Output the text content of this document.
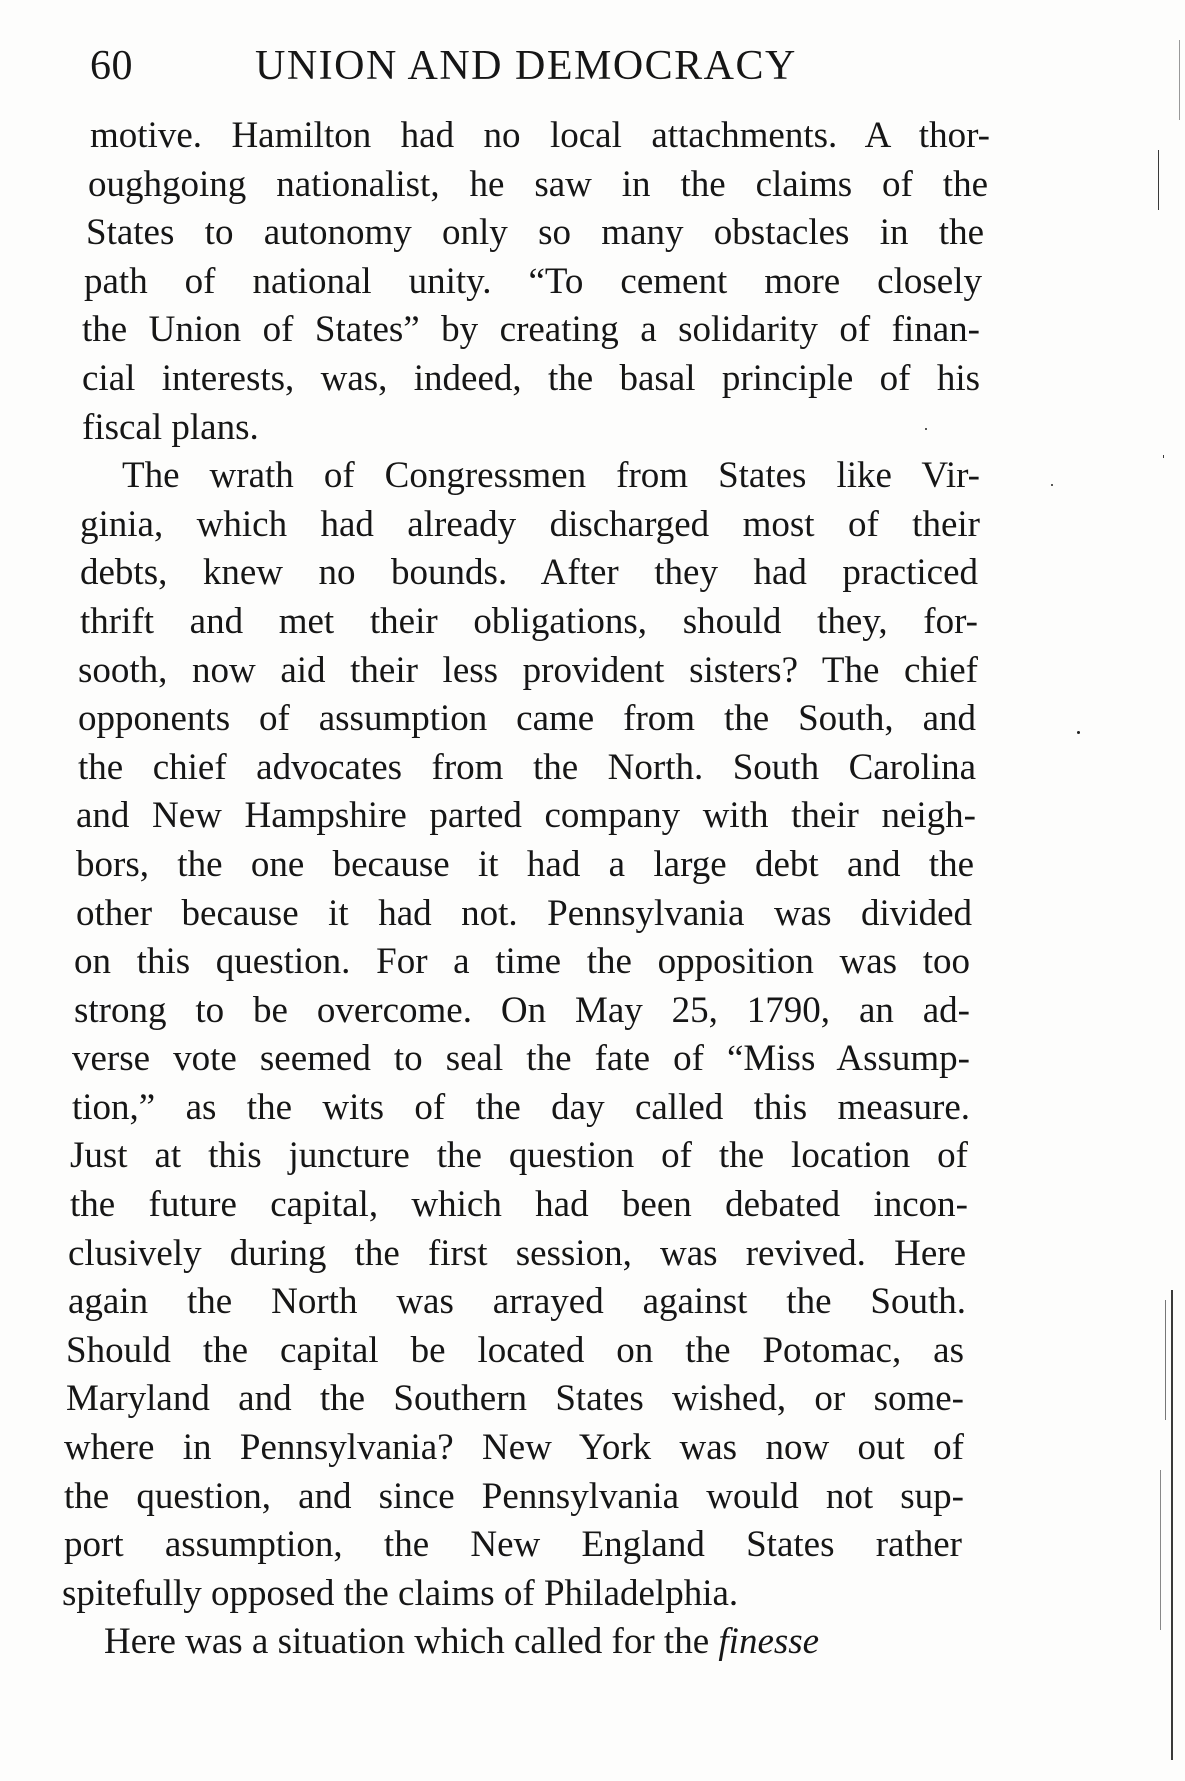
60	UNION AND DEMOCRACY
motive. Hamilton had no local attachments. A thor-
oughgoing nationalist, he saw in the claims of the
States to autonomy only so many obstacles in the
path of national unity. “To cement more closely
the Union of States” by creating a solidarity of finan-
cial interests, was, indeed, the basal principle of his
fiscal plans.
The wrath of Congressmen from States like Vir-
ginia, which had already discharged most of their
debts, knew no bounds. After they had practiced
thrift and met their obligations, should they, for-
sooth, now aid their less provident sisters? The chief
opponents of assumption came from the South, and
the chief advocates from the North. South Carolina
and New Hampshire parted company with their neigh-
bors, the one because it had a large debt and the
other because it had not. Pennsylvania was divided
on this question. For a time the opposition was too
strong to be overcome. On May 25, 1790, an ad-
verse vote seemed to seal the fate of “Miss Assump-
tion,” as the wits of the day called this measure.
Just at this juncture the question of the location of
the future capital, which had been debated incon-
clusively during the first session, was revived. Here
again the North was arrayed against the South.
Should the capital be located on the Potomac, as
Maryland and the Southern States wished, or some-
where in Pennsylvania? New York was now out of
the question, and since Pennsylvania would not sup-
port assumption, the New England States rather
spitefully opposed the claims of Philadelphia.
Here was a situation which called for the finesse
